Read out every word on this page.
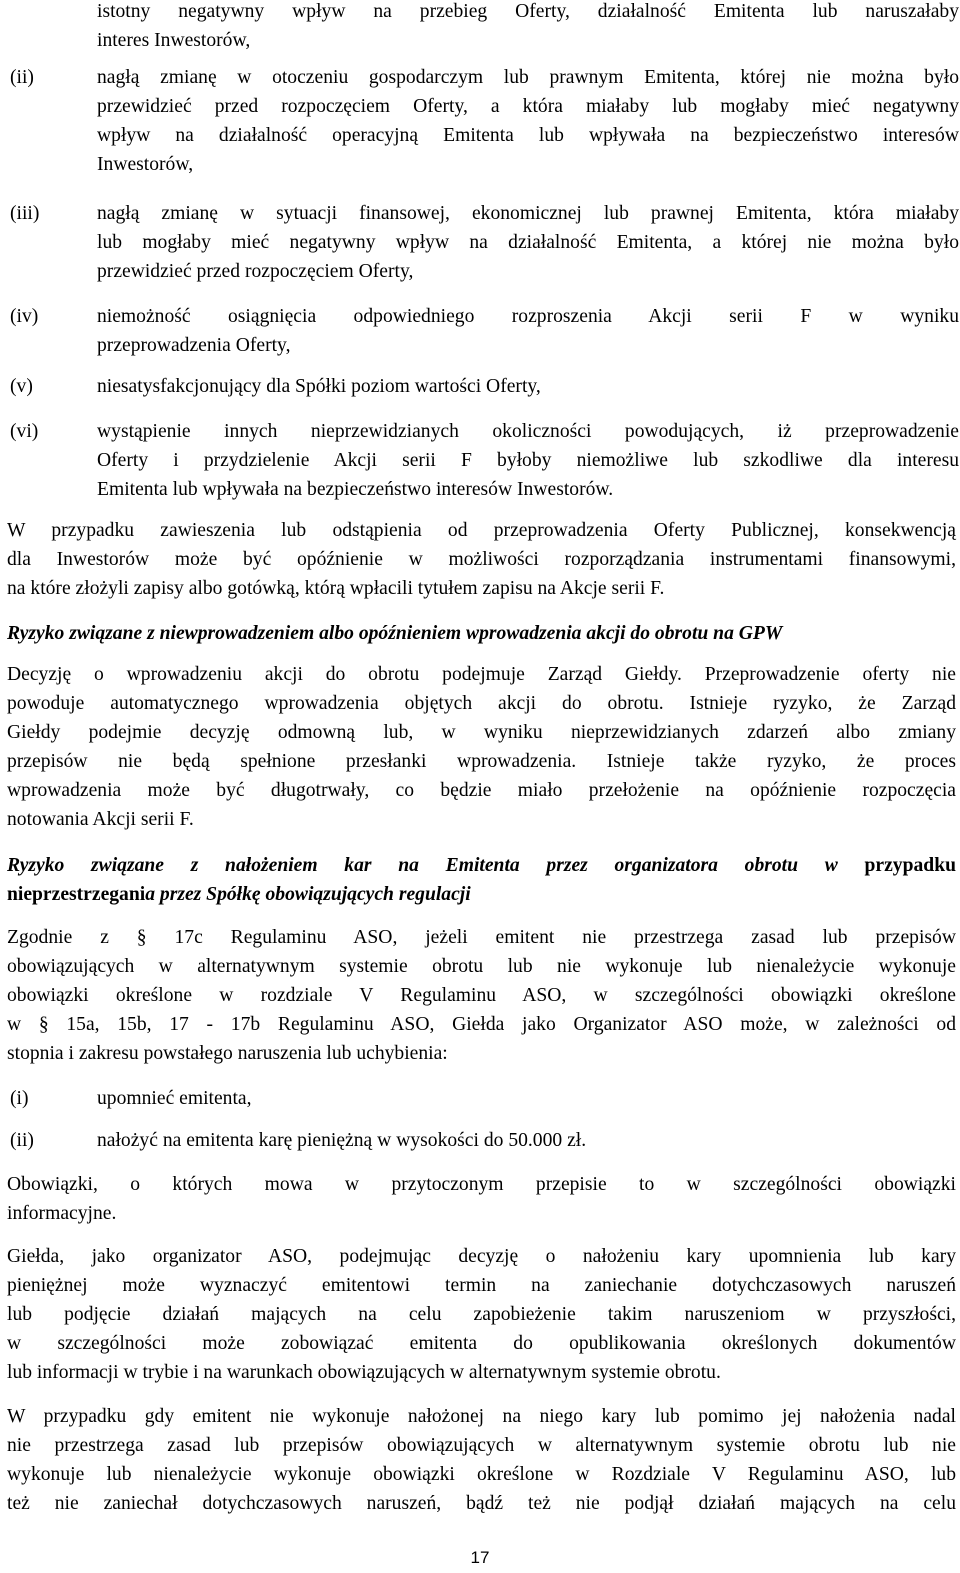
istotny negatywny wpływ na przebieg Oferty, działalność Emitenta lub naruszałaby
interes Inwestorów,
(ii)	nagłą zmianę w otoczeniu gospodarczym lub prawnym Emitenta, której nie można było
przewidzieć przed rozpoczęciem Oferty, a która miałaby lub mogłaby mieć negatywny
wpływ na działalność operacyjną Emitenta lub wpływała na bezpieczeństwo interesów
Inwestorów,
(iii)	nagłą zmianę w sytuacji finansowej, ekonomicznej lub prawnej Emitenta, która miałaby
lub mogłaby mieć negatywny wpływ na działalność Emitenta, a której nie można było
przewidzieć przed rozpoczęciem Oferty,
(iv)	niemożność osiągnięcia odpowiedniego rozproszenia Akcji serii F w wyniku
przeprowadzenia Oferty,
(v)	niesatysfakcjonujący dla Spółki poziom wartości Oferty,
(vi)	wystąpienie innych nieprzewidzianych okoliczności powodujących, iż przeprowadzenie
Oferty i przydzielenie Akcji serii F byłoby niemożliwe lub szkodliwe dla interesu
Emitenta lub wpływała na bezpieczeństwo interesów Inwestorów.
W przypadku zawieszenia lub odstąpienia od przeprowadzenia Oferty Publicznej, konsekwencją
dla Inwestorów może być opóźnienie w możliwości rozporządzania instrumentami finansowymi,
na które złożyli zapisy albo gotówką, którą wpłacili tytułem zapisu na Akcje serii F.
Ryzyko związane z niewprowadzeniem albo opóźnieniem wprowadzenia akcji do obrotu na GPW
Decyzję o wprowadzeniu akcji do obrotu podejmuje Zarząd Giełdy. Przeprowadzenie oferty nie
powoduje automatycznego wprowadzenia objętych akcji do obrotu. Istnieje ryzyko, że Zarząd
Giełdy podejmie decyzję odmowną lub, w wyniku nieprzewidzianych zdarzeń albo zmiany
przepisów nie będą spełnione przesłanki wprowadzenia. Istnieje także ryzyko, że proces
wprowadzenia może być długotrwały, co będzie miało przełożenie na opóźnienie rozpoczęcia
notowania Akcji serii F.
Ryzyko związane z nałożeniem kar na Emitenta przez organizatora obrotu w przypadku
nieprzestrzegania przez Spółkę obowiązujących regulacji
Zgodnie z § 17c Regulaminu ASO, jeżeli emitent nie przestrzega zasad lub przepisów
obowiązujących w alternatywnym systemie obrotu lub nie wykonuje lub nienależycie wykonuje
obowiązki określone w rozdziale V Regulaminu ASO, w szczególności obowiązki określone
w § 15a, 15b, 17 - 17b Regulaminu ASO, Giełda jako Organizator ASO może, w zależności od
stopnia i zakresu powstałego naruszenia lub uchybienia:
(i)	upomnieć emitenta,
(ii)	nałożyć na emitenta karę pieniężną w wysokości do 50.000 zł.
Obowiązki, o których mowa w przytoczonym przepisie to w szczególności obowiązki
informacyjne.
Giełda, jako organizator ASO, podejmując decyzję o nałożeniu kary upomnienia lub kary
pieniężnej może wyznaczyć emitentowi termin na zaniechanie dotychczasowych naruszeń
lub podjęcie działań mających na celu zapobieżenie takim naruszeniom w przyszłości,
w szczególności może zobowiązać emitenta do opublikowania określonych dokumentów
lub informacji w trybie i na warunkach obowiązujących w alternatywnym systemie obrotu.
W przypadku gdy emitent nie wykonuje nałożonej na niego kary lub pomimo jej nałożenia nadal
nie przestrzega zasad lub przepisów obowiązujących w alternatywnym systemie obrotu lub nie
wykonuje lub nienależycie wykonuje obowiązki określone w Rozdziale V Regulaminu ASO, lub
też nie zaniechał dotychczasowych naruszeń, bądź też nie podjął działań mających na celu
17
